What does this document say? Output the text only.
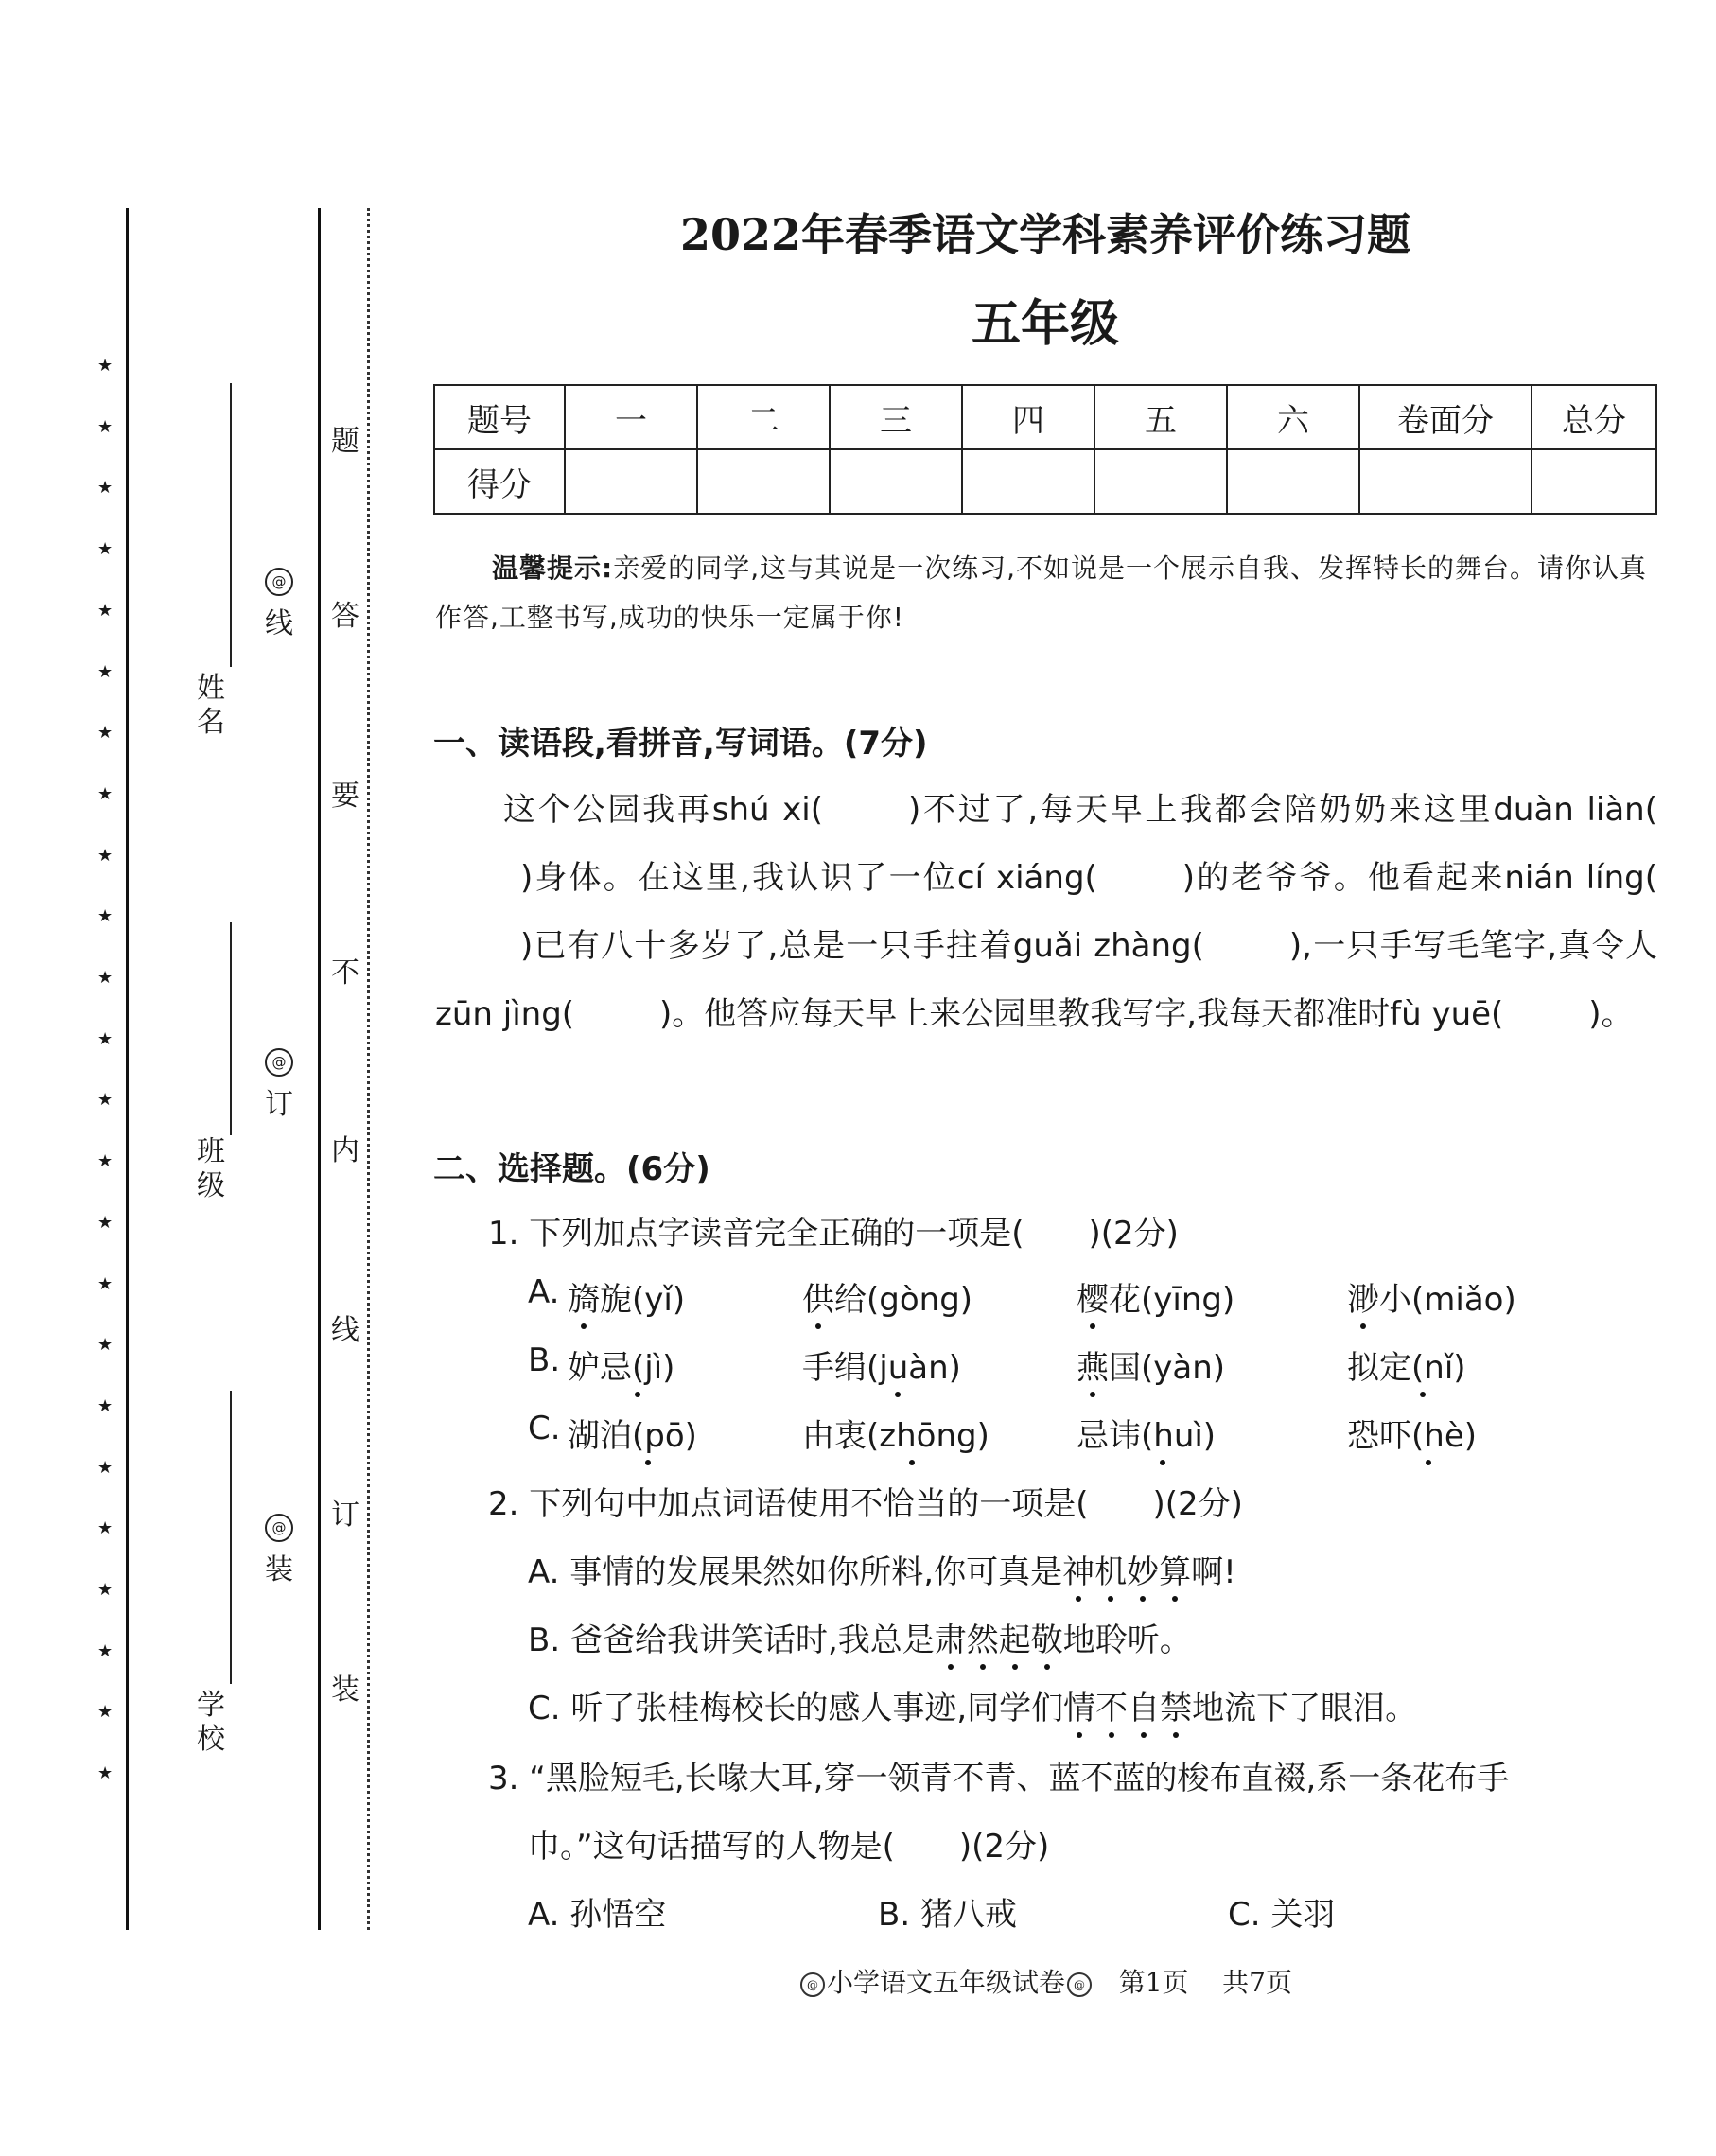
★
★
★
★
★
★
★
★
★
★
★
★
★
★
★
★
★
★
★
★
★
★
★
★
姓名
班级
学校
@
线
@
订
@
装
题
答
要
不
内
线
订
装
2022年春季语文学科素养评价练习题
五年级
题号	一	二	三	四	五	六	卷面分	总分
得分								
温馨提示:亲爱的同学,这与其说是一次练习,不如说是一个展示自我、发挥特长的舞台。请你认真作答,工整书写,成功的快乐一定属于你!
一、读语段,看拼音,写词语。(7分)
这个公园我再shú xi(	)不过了,每天早上我都会陪奶奶来这里duàn liàn()身体。在这里,我认识了一位cí xiáng(	)的老爷爷。他看起来nián líng()已有八十多岁了,总是一只手拄着guǎi zhàng(	),一只手写毛笔字,真令人zūn jìng(	)。他答应每天早上来公园里教我写字,我每天都准时fù yuē(	)。
二、选择题。(6分)
1. 下列加点字读音完全正确的一项是(　　)(2分)
A. 旖旎(yǐ)	供给(gòng)	樱花(yīng)	渺小(miǎo)
B. 妒忌(jì)	手绢(juàn)	燕国(yàn)	拟定(nǐ)
C. 湖泊(pō)	由衷(zhōng)	忌讳(huì)	恐吓(hè)
2. 下列句中加点词语使用不恰当的一项是(　　)(2分)
A. 事情的发展果然如你所料,你可真是神机妙算啊!
B. 爸爸给我讲笑话时,我总是肃然起敬地聆听。
C. 听了张桂梅校长的感人事迹,同学们情不自禁地流下了眼泪。
3. “黑脸短毛,长喙大耳,穿一领青不青、蓝不蓝的梭布直裰,系一条花布手
巾。”这句话描写的人物是(　　)(2分)
A. 孙悟空	B. 猪八戒	C. 关羽
@ 小学语文五年级试卷 @ 第1页 共7页
